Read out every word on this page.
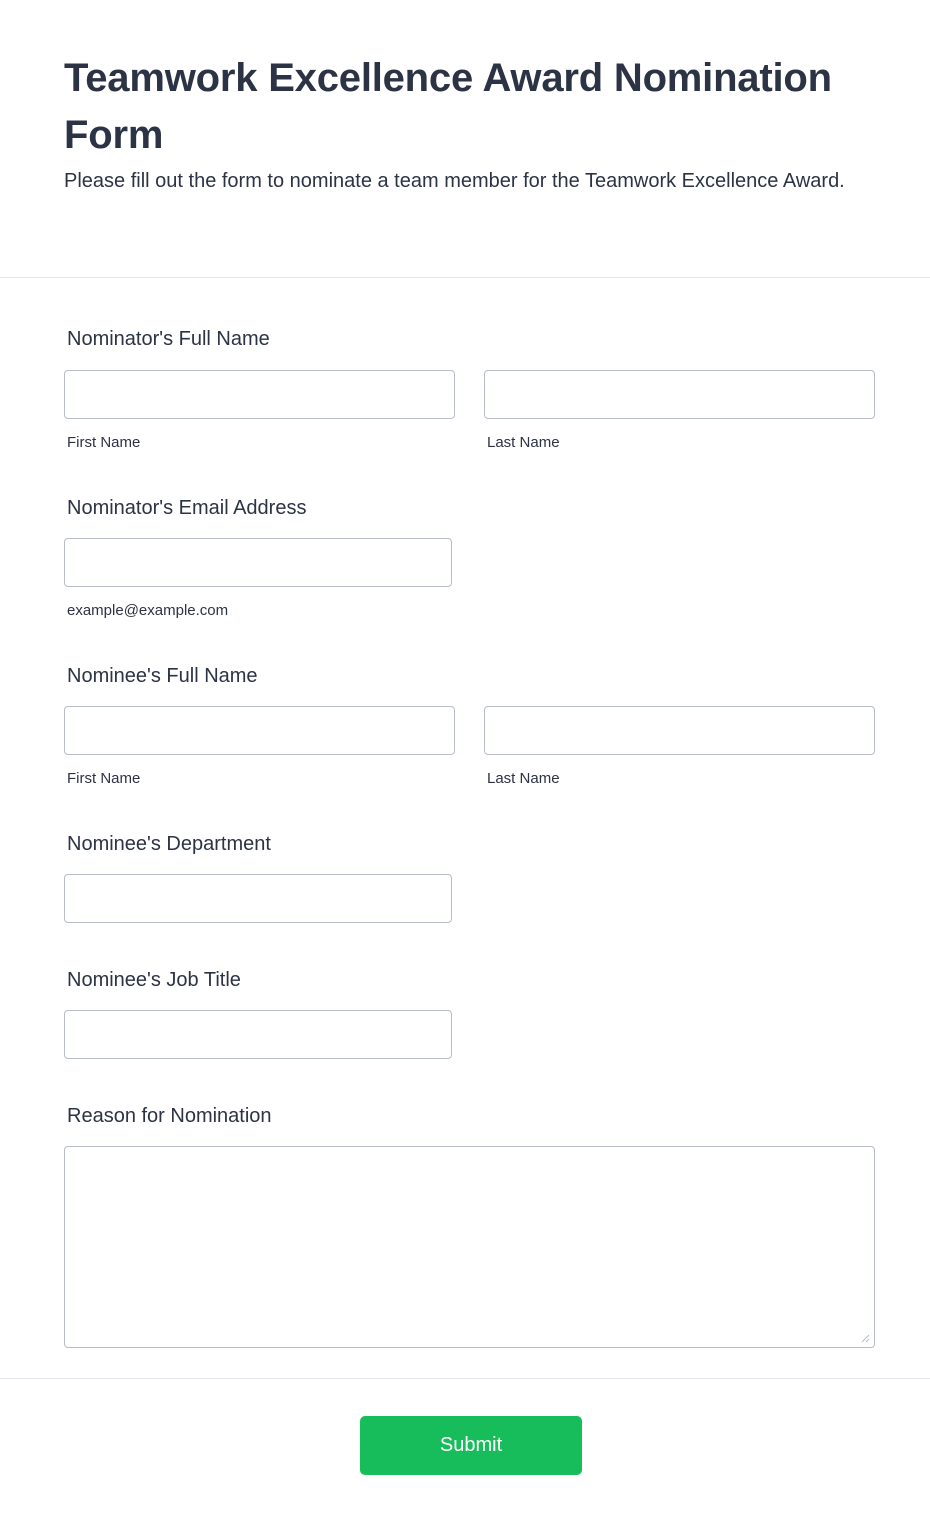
Teamwork Excellence Award Nomination Form

Please fill out the form to nominate a team member for the Teamwork Excellence Award.

Nominator's Full Name
First Name	Last Name
Nominator's Email Address
example@example.com
Nominee's Full Name
First Name	Last Name
Nominee's Department
Nominee's Job Title
Reason for Nomination
Submit
